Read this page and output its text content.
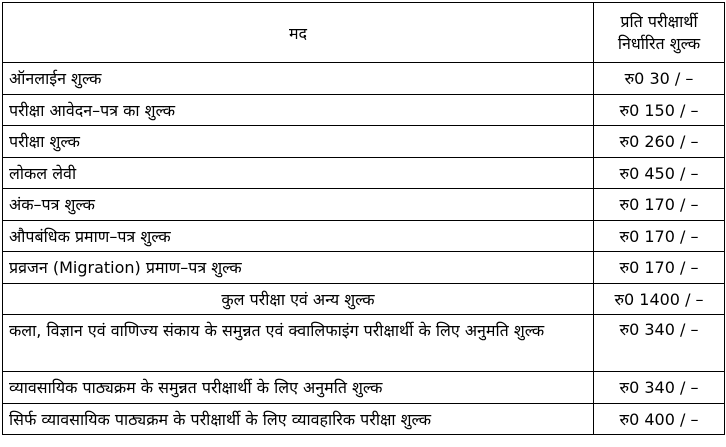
मद	प्रति परीक्षार्थी निर्धारित शुल्क
ऑनलाईन शुल्क	रु0 30 / –
परीक्षा आवेदन–पत्र का शुल्क	रु0 150 / –
परीक्षा शुल्क	रु0 260 / –
लोकल लेवी	रु0 450 / –
अंक–पत्र शुल्क	रु0 170 / –
औपबंधिक प्रमाण–पत्र शुल्क	रु0 170 / –
प्रव्रजन (Migration) प्रमाण–पत्र शुल्क	रु0 170 / –
कुल परीक्षा एवं अन्य शुल्क	रु0 1400 / –
कला, विज्ञान एवं वाणिज्य संकाय के समुन्नत एवं क्वालिफाइंग परीक्षार्थी के लिए अनुमति शुल्क	रु0 340 / –
व्यावसायिक पाठ्यक्रम के समुन्नत परीक्षार्थी के लिए अनुमति शुल्क	रु0 340 / –
सिर्फ व्यावसायिक पाठ्यक्रम के परीक्षार्थी के लिए व्यावहारिक परीक्षा शुल्क	रु0 400 / –
